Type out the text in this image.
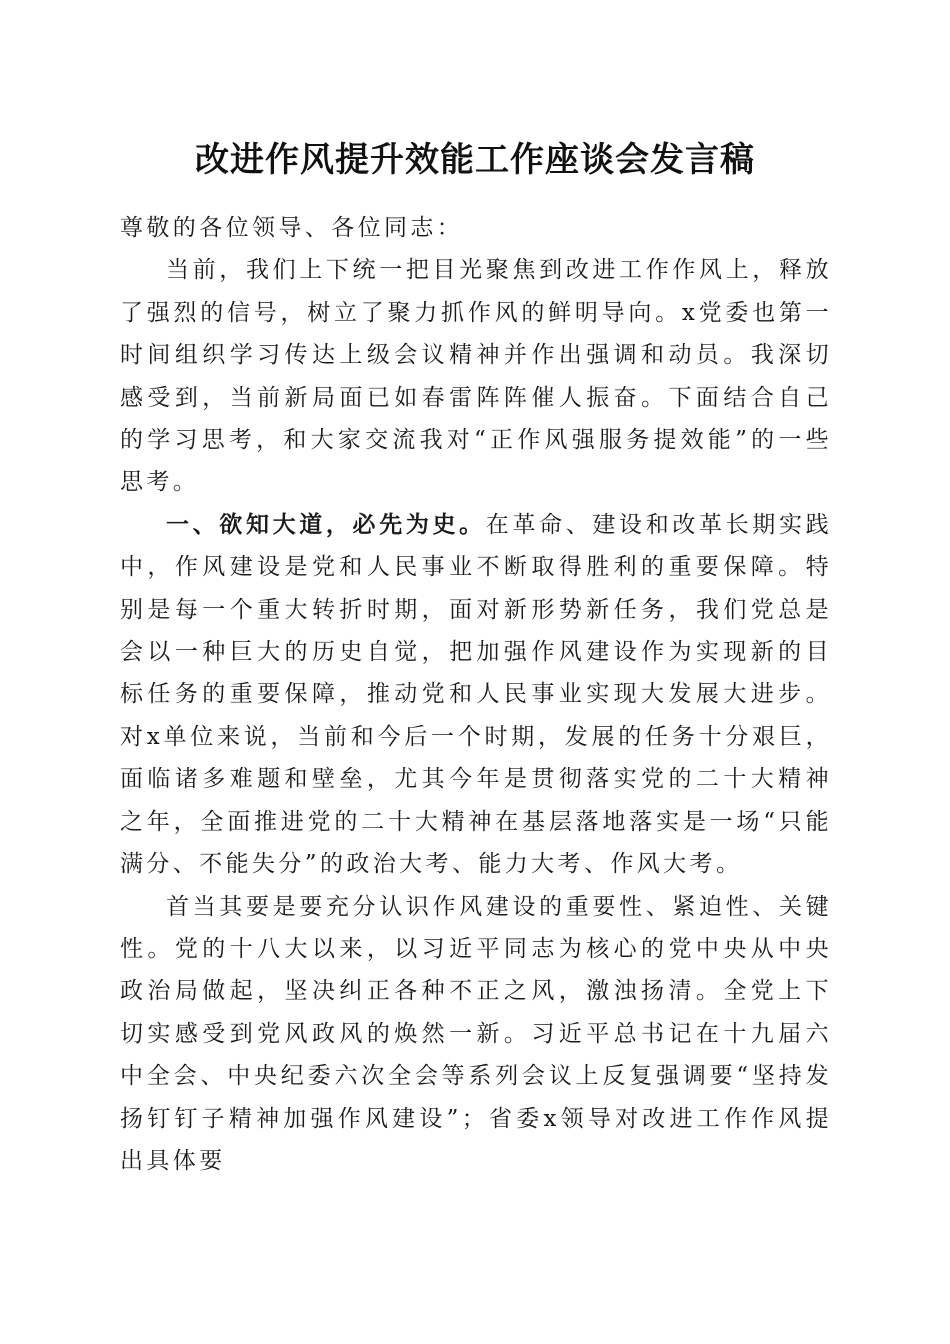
改进作风提升效能工作座谈会发言稿

尊敬的各位领导、各位同志：

当前，我们上下统一把目光聚焦到改进工作作风上，释放了强烈的信号，树立了聚力抓作风的鲜明导向。x党委也第一时间组织学习传达上级会议精神并作出强调和动员。我深切感受到，当前新局面已如春雷阵阵催人振奋。下面结合自己的学习思考，和大家交流我对“正作风强服务提效能”的一些思考。

一、欲知大道，必先为史。在革命、建设和改革长期实践中，作风建设是党和人民事业不断取得胜利的重要保障。特别是每一个重大转折时期，面对新形势新任务，我们党总是会以一种巨大的历史自觉，把加强作风建设作为实现新的目标任务的重要保障，推动党和人民事业实现大发展大进步。对x单位来说，当前和今后一个时期，发展的任务十分艰巨，面临诸多难题和壁垒，尤其今年是贯彻落实党的二十大精神之年，全面推进党的二十大精神在基层落地落实是一场“只能满分、不能失分”的政治大考、能力大考、作风大考。

首当其要是要充分认识作风建设的重要性、紧迫性、关键性。党的十八大以来，以习近平同志为核心的党中央从中央政治局做起，坚决纠正各种不正之风，激浊扬清。全党上下切实感受到党风政风的焕然一新。习近平总书记在十九届六中全会、中央纪委六次全会等系列会议上反复强调要“坚持发扬钉钉子精神加强作风建设”；省委x领导对改进工作作风提出具体要
